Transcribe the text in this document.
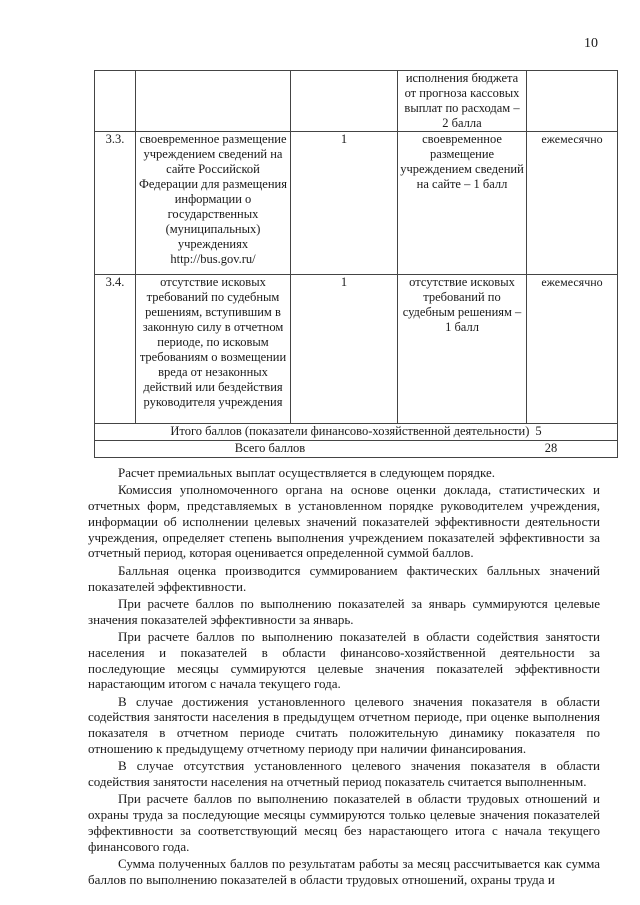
10
			исполнения бюджета от прогноза кассовых выплат по расходам – 2 балла	
3.3.	своевременное размещение учреждением сведений на сайте Российской Федерации для размещения информации о государственных (муниципальных) учреждениях http://bus.gov.ru/	1	своевременное размещение учреждением сведений на сайте – 1 балл	ежемесячно
3.4.	отсутствие исковых требований по судебным решениям, вступившим в законную силу в отчетном периоде, по исковым требованиям о возмещении вреда от незаконных действий или бездействия руководителя учреждения	1	отсутствие исковых требований по судебным решениям – 1 балл	ежемесячно

Итого баллов (показатели финансово-хозяйственной деятельности) 5				

Всего баллов 28				

Расчет премиальных выплат осуществляется в следующем порядке.

Комиссия уполномоченного органа на основе оценки доклада, статистических и отчетных форм, представляемых в установленном порядке руководителем учреждения, информации об исполнении целевых значений показателей эффективности деятельности учреждения, определяет степень выполнения учреждением показателей эффективности за отчетный период, которая оценивается определенной суммой баллов.

Балльная оценка производится суммированием фактических балльных значений показателей эффективности.

При расчете баллов по выполнению показателей за январь суммируются целевые значения показателей эффективности за январь.

При расчете баллов по выполнению показателей в области содействия занятости населения и показателей в области финансово-хозяйственной деятельности за последующие месяцы суммируются целевые значения показателей эффективности нарастающим итогом с начала текущего года.

В случае достижения установленного целевого значения показателя в области содействия занятости населения в предыдущем отчетном периоде, при оценке выполнения показателя в отчетном периоде считать положительную динамику показателя по отношению к предыдущему отчетному периоду при наличии финансирования.

В случае отсутствия установленного целевого значения показателя в области содействия занятости населения на отчетный период показатель считается выполненным.

При расчете баллов по выполнению показателей в области трудовых отношений и охраны труда за последующие месяцы суммируются только целевые значения показателей эффективности за соответствующий месяц без нарастающего итога с начала текущего финансового года.

Сумма полученных баллов по результатам работы за месяц рассчитывается как сумма баллов по выполнению показателей в области трудовых отношений, охраны труда и
